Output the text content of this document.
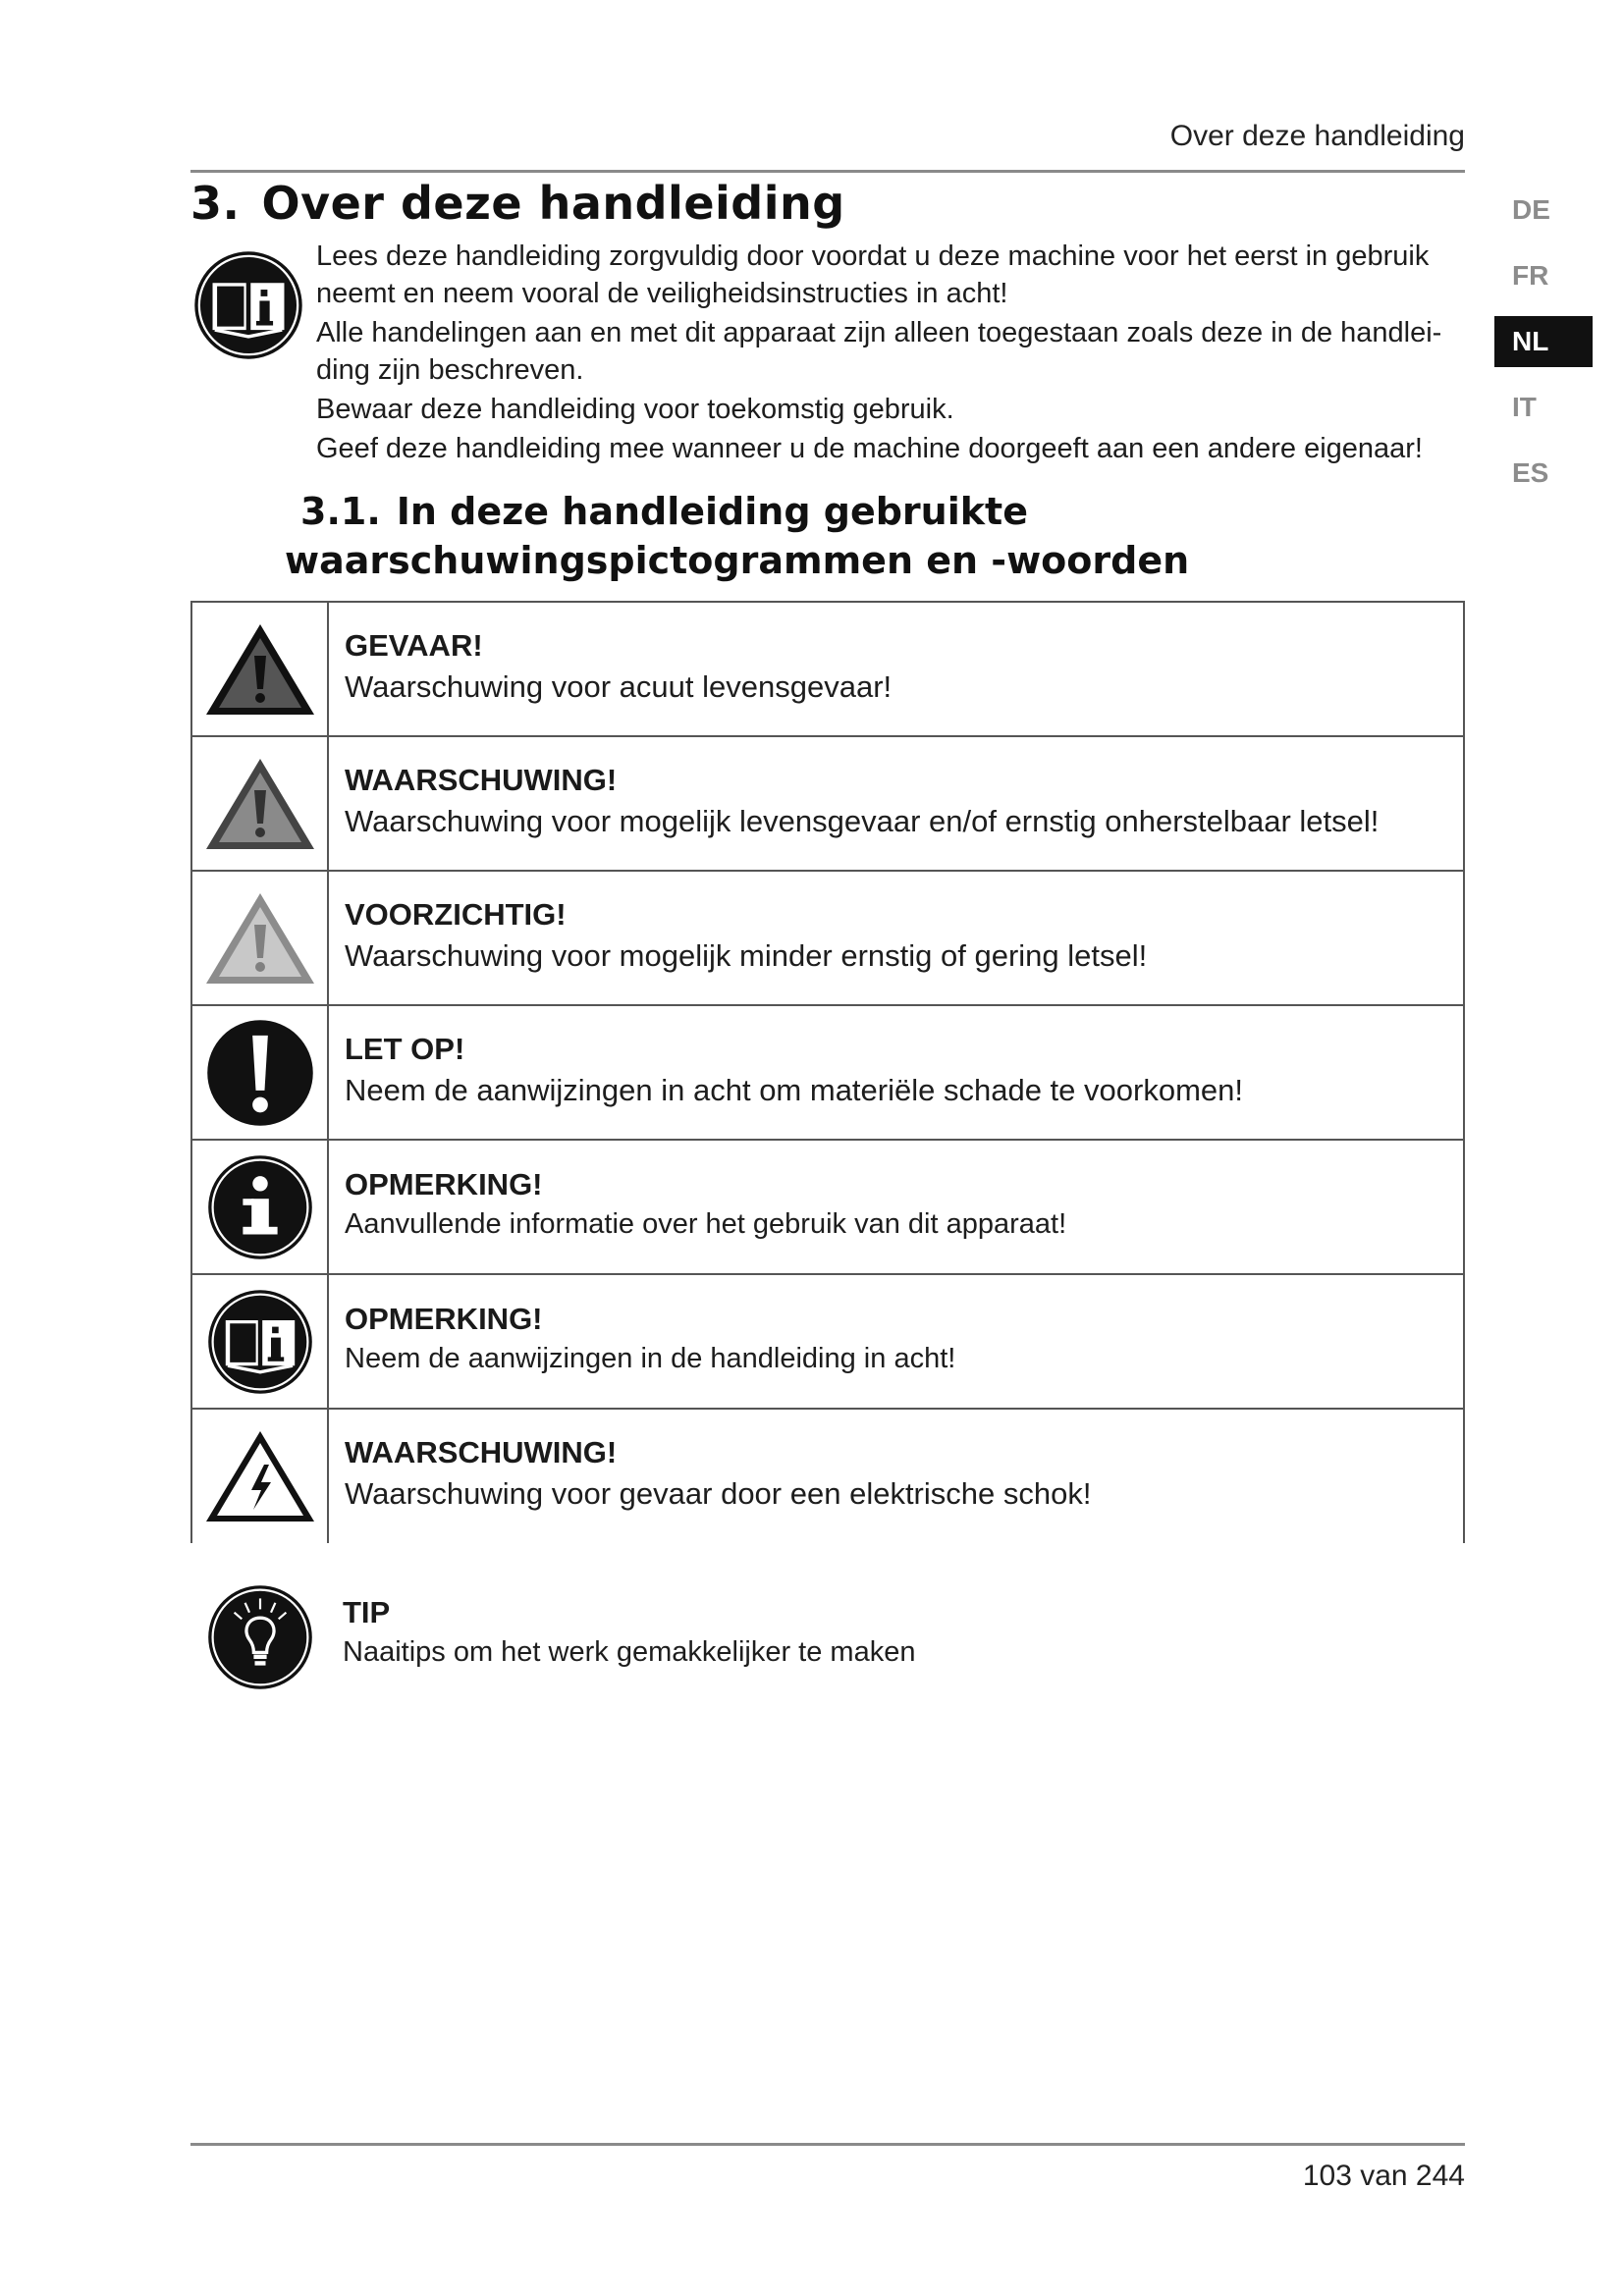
Over deze handleiding
3. Over deze handleiding	DE
FR
NL
IT
ES

Lees deze handleiding zorgvuldig door voordat u deze machine voor het eerst in gebruik neemt en neem vooral de veiligheidsinstructies in acht!

Alle handelingen aan en met dit apparaat zijn alleen toegestaan zoals deze in de handlei-ding zijn beschreven.

Bewaar deze handleiding voor toekomstig gebruik.

Geef deze handleiding mee wanneer u de machine doorgeeft aan een andere eigenaar!

3.1. In deze handleiding gebruikte
waarschuwingspictogrammen en -woorden

GEVAAR!
Waarschuwing voor acuut levensgevaar!

WAARSCHUWING!
Waarschuwing voor mogelijk levensgevaar en/of ernstig onherstelbaar letsel!

VOORZICHTIG!
Waarschuwing voor mogelijk minder ernstig of gering letsel!

LET OP!
Neem de aanwijzingen in acht om materiële schade te voorkomen!

OPMERKING!
Aanvullende informatie over het gebruik van dit apparaat!

OPMERKING!
Neem de aanwijzingen in de handleiding in acht!

WAARSCHUWING!
Waarschuwing voor gevaar door een elektrische schok!
TIP
Naaitips om het werk gemakkelijker te maken
103 van 244
